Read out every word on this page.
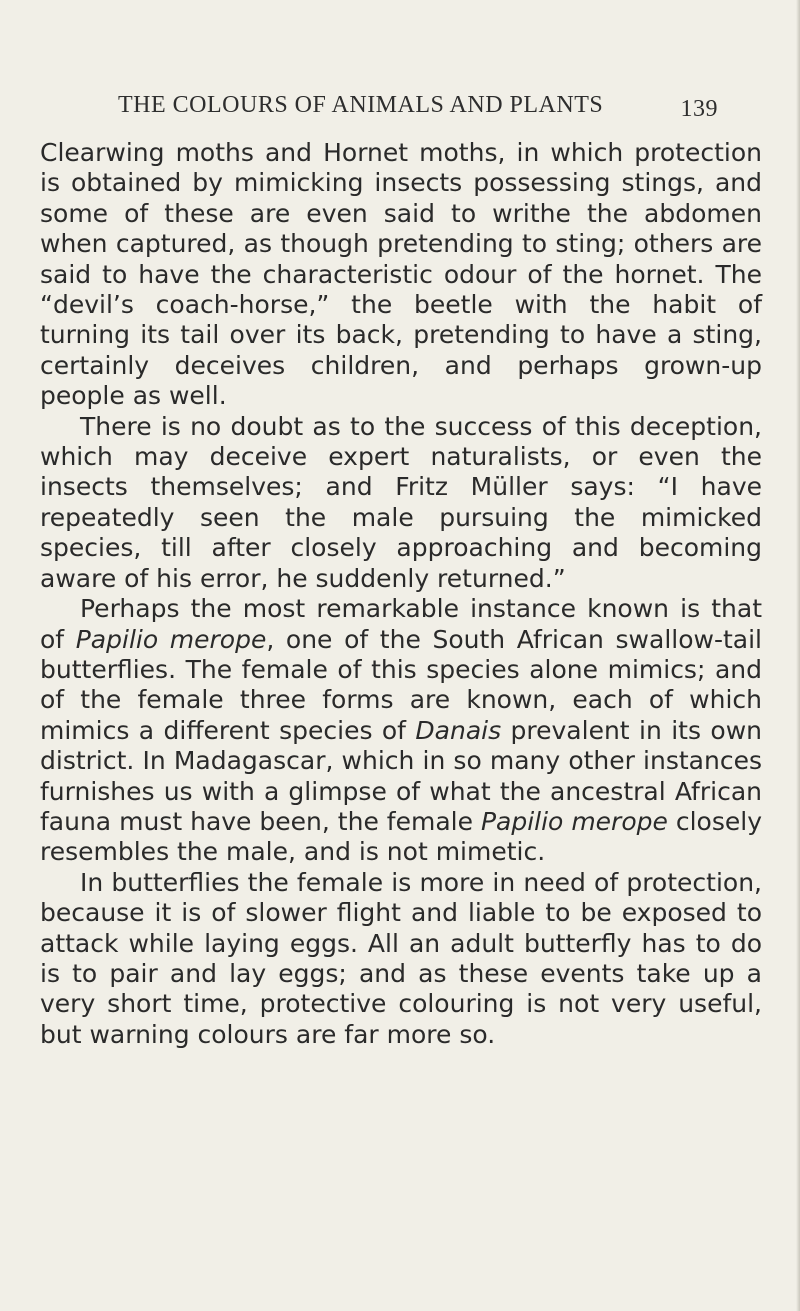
THE COLOURS OF ANIMALS AND PLANTS	139

Clearwing moths and Hornet moths, in which protection is obtained by mimicking insects possessing stings, and some of these are even said to writhe the abdomen when captured, as though pretending to sting; others are said to have the characteristic odour of the hornet. The “devil’s coach-horse,” the beetle with the habit of turning its tail over its back, pretending to have a sting, certainly deceives children, and perhaps grown-up people as well.

There is no doubt as to the success of this deception, which may deceive expert naturalists, or even the insects themselves; and Fritz Müller says: “I have repeatedly seen the male pursuing the mimicked species, till after closely approaching and becoming aware of his error, he suddenly returned.”

Perhaps the most remarkable instance known is that of Papilio merope, one of the South African swallow-tail butterflies. The female of this species alone mimics; and of the female three forms are known, each of which mimics a different species of Danais prevalent in its own district. In Madagascar, which in so many other instances furnishes us with a glimpse of what the ancestral African fauna must have been, the female Papilio merope closely resembles the male, and is not mimetic.

In butterflies the female is more in need of protection, because it is of slower flight and liable to be exposed to attack while laying eggs. All an adult butterfly has to do is to pair and lay eggs; and as these events take up a very short time, protective colouring is not very useful, but warning colours are far more so.
